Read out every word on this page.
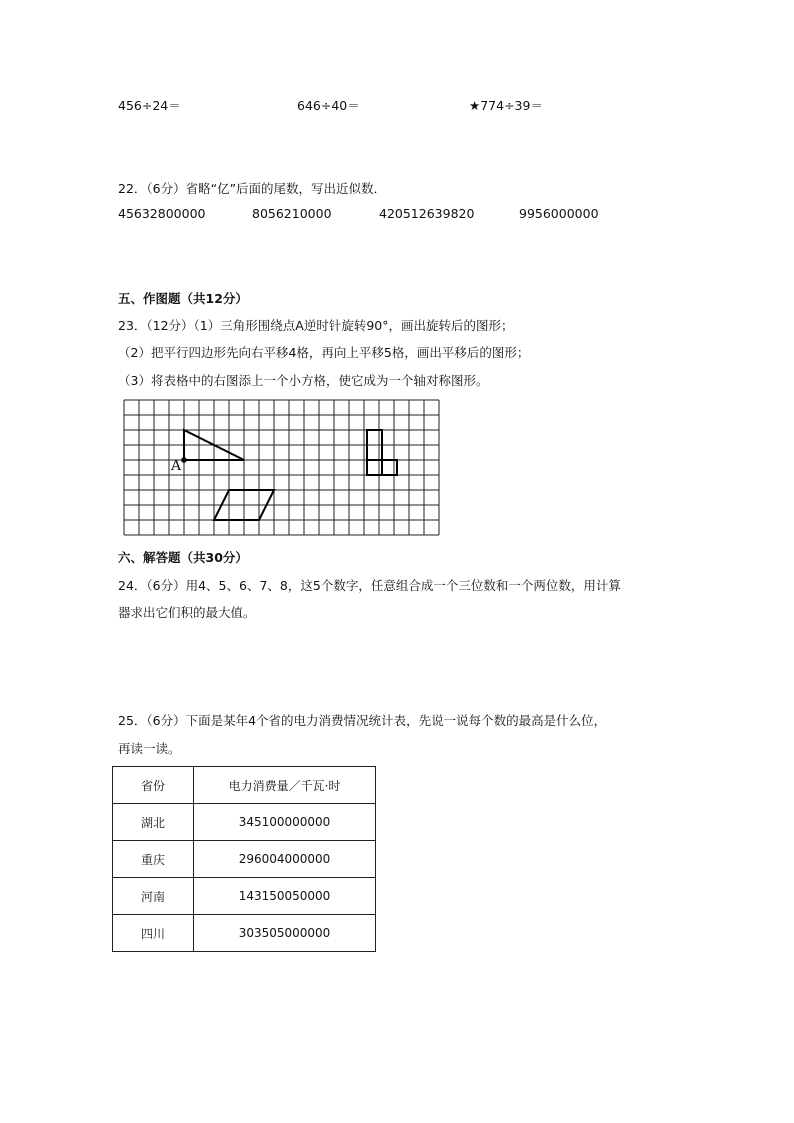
456÷24＝	646÷40＝	★774÷39＝
22．（6分）省略“亿”后面的尾数，写出近似数．
45632800000	8056210000	420512639820	9956000000
五、作图题（共12分）
23．（12分）（1）三角形围绕点A逆时针旋转90°，画出旋转后的图形；
（2）把平行四边形先向右平移4格，再向上平移5格，画出平移后的图形；
（3）将表格中的右图添上一个小方格，使它成为一个轴对称图形。
A
六、解答题（共30分）
24．（6分）用4、5、6、7、8，这5个数字，任意组合成一个三位数和一个两位数，用计算
器求出它们积的最大值。
25．（6分）下面是某年4个省的电力消费情况统计表，先说一说每个数的最高是什么位，
再读一读。
省份	电力消费量／千瓦·时
湖北	345100000000
重庆	296004000000
河南	143150050000
四川	303505000000
